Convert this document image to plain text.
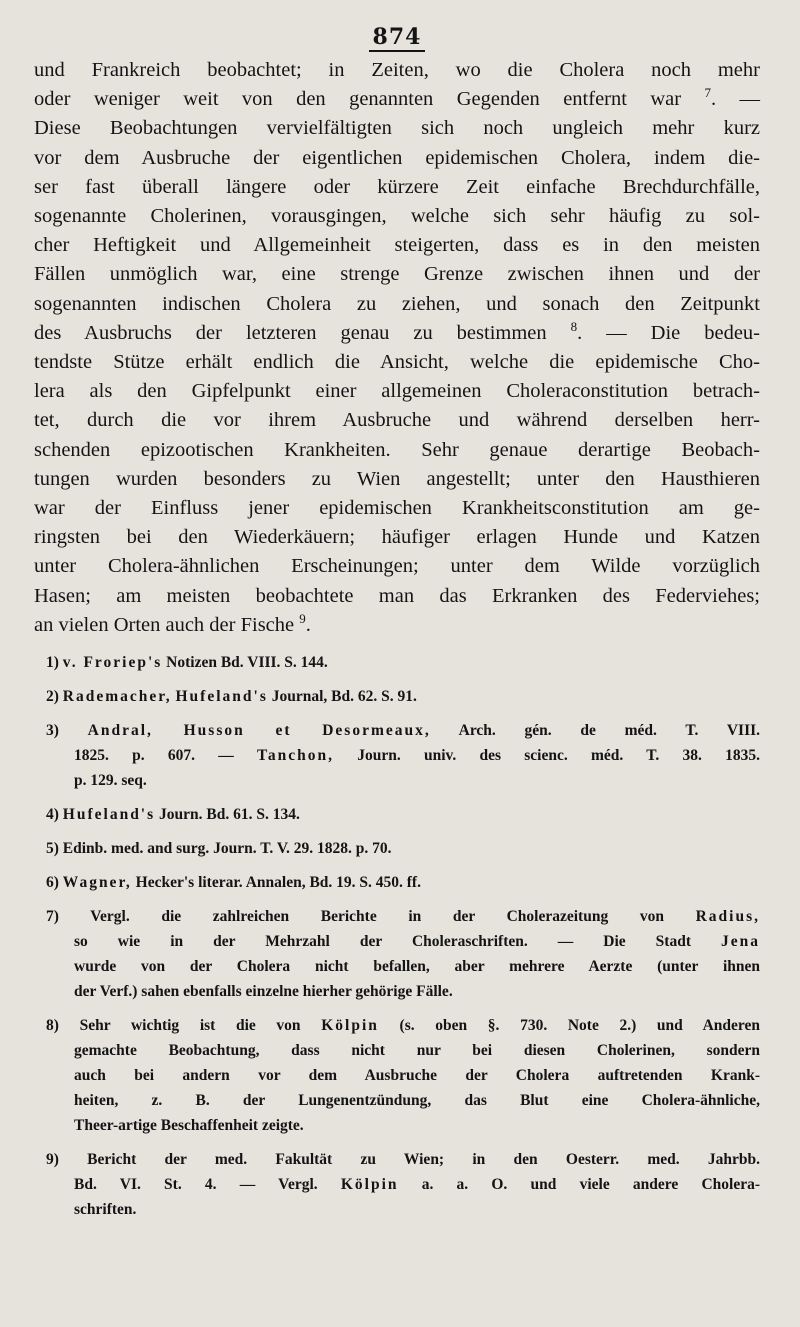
874
und Frankreich beobachtet; in Zeiten, wo die Cholera noch mehr
oder weniger weit von den genannten Gegenden entfernt war $^7$. —
Diese Beobachtungen vervielfältigten sich noch ungleich mehr kurz
vor dem Ausbruche der eigentlichen epidemischen Cholera, indem die-
ser fast überall längere oder kürzere Zeit einfache Brechdurchfälle,
sogenannte Cholerinen, vorausgingen, welche sich sehr häufig zu sol-
cher Heftigkeit und Allgemeinheit steigerten, dass es in den meisten
Fällen unmöglich war, eine strenge Grenze zwischen ihnen und der
sogenannten indischen Cholera zu ziehen, und sonach den Zeitpunkt
des Ausbruchs der letzteren genau zu bestimmen $^8$. — Die bedeu-
tendste Stütze erhält endlich die Ansicht, welche die epidemische Cho-
lera als den Gipfelpunkt einer allgemeinen Choleraconstitution betrach-
tet, durch die vor ihrem Ausbruche und während derselben herr-
schenden epizootischen Krankheiten. Sehr genaue derartige Beobach-
tungen wurden besonders zu Wien angestellt; unter den Hausthieren
war der Einfluss jener epidemischen Krankheitsconstitution am ge-
ringsten bei den Wiederkäuern; häufiger erlagen Hunde und Katzen
unter Cholera-ähnlichen Erscheinungen; unter dem Wilde vorzüglich
Hasen; am meisten beobachtete man das Erkranken des Federviehes;
an vielen Orten auch der Fische $^9$.
1) v. Froriep's Notizen Bd. VIII. S. 144.
2) Rademacher, Hufeland's Journal, Bd. 62. S. 91.
3) Andral, Husson et Desormeaux, Arch. gén. de méd. T. VIII.
1825. p. 607. — Tanchon, Journ. univ. des scienc. méd. T. 38. 1835.
p. 129. seq.
4) Hufeland's Journ. Bd. 61. S. 134.
5) Edinb. med. and surg. Journ. T. V. 29. 1828. p. 70.
6) Wagner, Hecker's literar. Annalen, Bd. 19. S. 450. ff.
7) Vergl. die zahlreichen Berichte in der Cholerazeitung von Radius,
so wie in der Mehrzahl der Choleraschriften. — Die Stadt Jena
wurde von der Cholera nicht befallen, aber mehrere Aerzte (unter ihnen
der Verf.) sahen ebenfalls einzelne hierher gehörige Fälle.
8) Sehr wichtig ist die von Kölpin (s. oben §. 730. Note 2.) und Anderen
gemachte Beobachtung, dass nicht nur bei diesen Cholerinen, sondern
auch bei andern vor dem Ausbruche der Cholera auftretenden Krank-
heiten, z. B. der Lungenentzündung, das Blut eine Cholera-ähnliche,
Theer-artige Beschaffenheit zeigte.
9) Bericht der med. Fakultät zu Wien; in den Oesterr. med. Jahrbb.
Bd. VI. St. 4. — Vergl. Kölpin a. a. O. und viele andere Cholera-
schriften.
